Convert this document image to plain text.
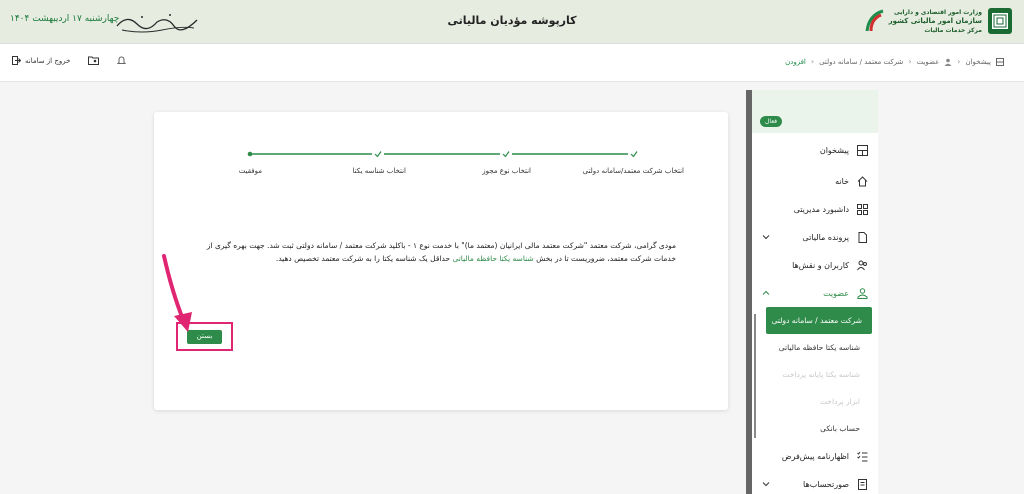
چهارشنبه ۱۷ اردیبهشت ۱۴۰۴	کارپوشه مؤدیان مالیاتی
وزارت امور اقتصادی و دارایی
سازمان امور مالیاتی کشور
مرکز خدمات مالیات
پیشخوان
‹
عضویت
‹
شرکت معتمد / سامانه دولتی
‹
افزودن
خروج از سامانه
فعال
پیشخوان
خانه
داشبورد مدیریتی
پرونده مالیاتی
کاربران و نقش‌ها
عضویت
شرکت معتمد / سامانه دولتی
شناسه یکتا حافظه مالیاتی
شناسه یکتا پایانه پرداخت
ابزار پرداخت
حساب بانکی
اظهارنامه پیش‌فرض
صورتحساب‌ها
انتخاب شرکت معتمد/سامانه دولتی
انتخاب نوع مجوز
انتخاب شناسه یکتا
موفقیت
مودی گرامی، شرکت معتمد "شرکت معتمد مالی ایرانیان (معتمد ما)" با خدمت نوع ۱ - باکلید شرکت معتمد / سامانه دولتی ثبت شد. جهت بهره گیری از خدمات شرکت معتمد، ضروریست تا در بخش شناسه یکتا حافظه مالیاتی حداقل یک شناسه یکتا را به شرکت معتمد تخصیص دهید.
بستن
